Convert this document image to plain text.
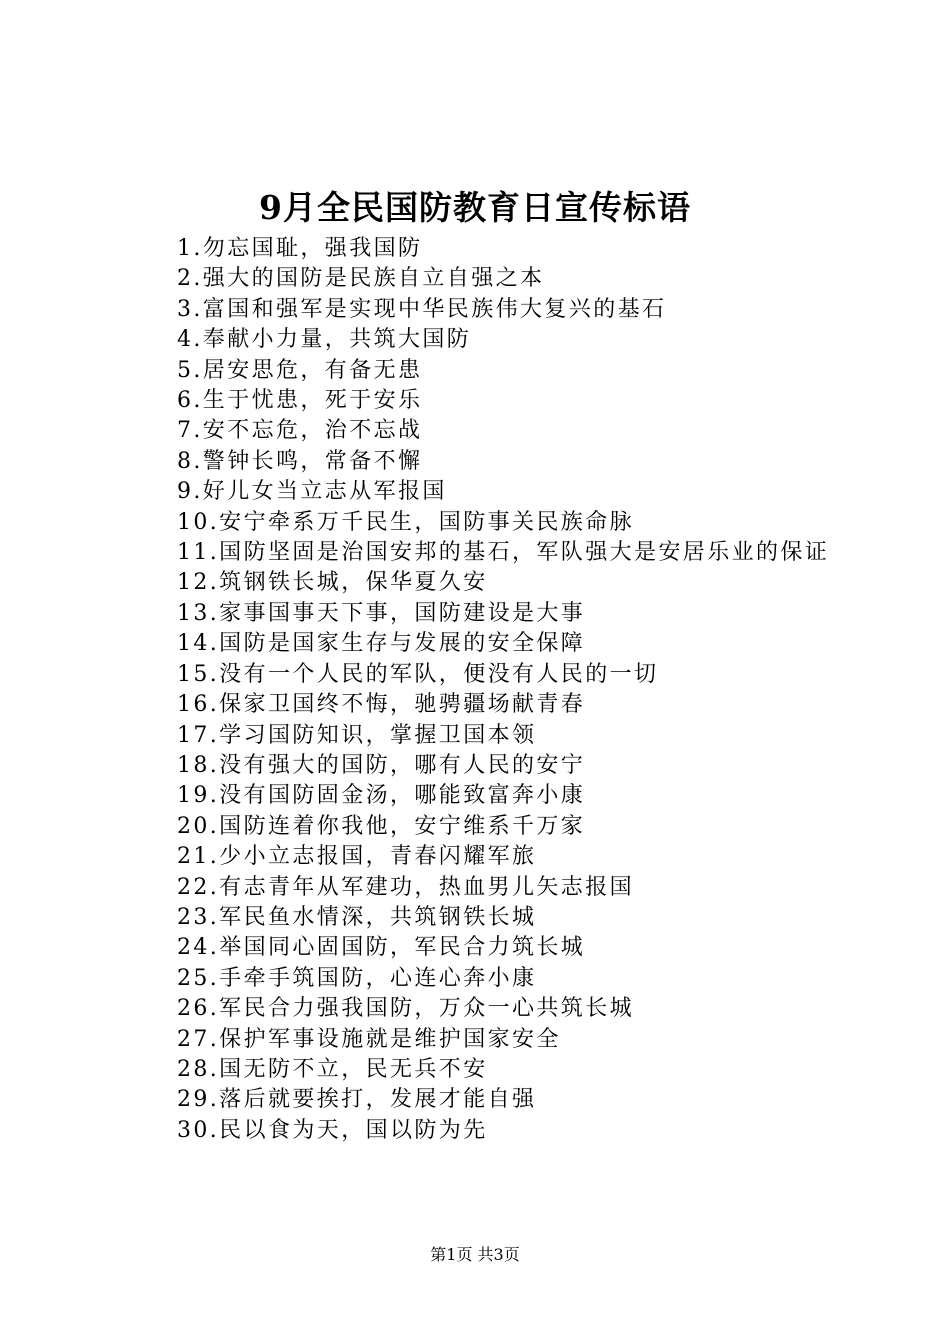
9月全民国防教育日宣传标语
1.勿忘国耻，强我国防
2.强大的国防是民族自立自强之本
3.富国和强军是实现中华民族伟大复兴的基石
4.奉献小力量，共筑大国防
5.居安思危，有备无患
6.生于忧患，死于安乐
7.安不忘危，治不忘战
8.警钟长鸣，常备不懈
9.好儿女当立志从军报国
10.安宁牵系万千民生，国防事关民族命脉
11.国防坚固是治国安邦的基石，军队强大是安居乐业的保证
12.筑钢铁长城，保华夏久安
13.家事国事天下事，国防建设是大事
14.国防是国家生存与发展的安全保障
15.没有一个人民的军队，便没有人民的一切
16.保家卫国终不悔，驰骋疆场献青春
17.学习国防知识，掌握卫国本领
18.没有强大的国防，哪有人民的安宁
19.没有国防固金汤，哪能致富奔小康
20.国防连着你我他，安宁维系千万家
21.少小立志报国，青春闪耀军旅
22.有志青年从军建功，热血男儿矢志报国
23.军民鱼水情深，共筑钢铁长城
24.举国同心固国防，军民合力筑长城
25.手牵手筑国防，心连心奔小康
26.军民合力强我国防，万众一心共筑长城
27.保护军事设施就是维护国家安全
28.国无防不立，民无兵不安
29.落后就要挨打，发展才能自强
30.民以食为天，国以防为先
第1页 共3页
